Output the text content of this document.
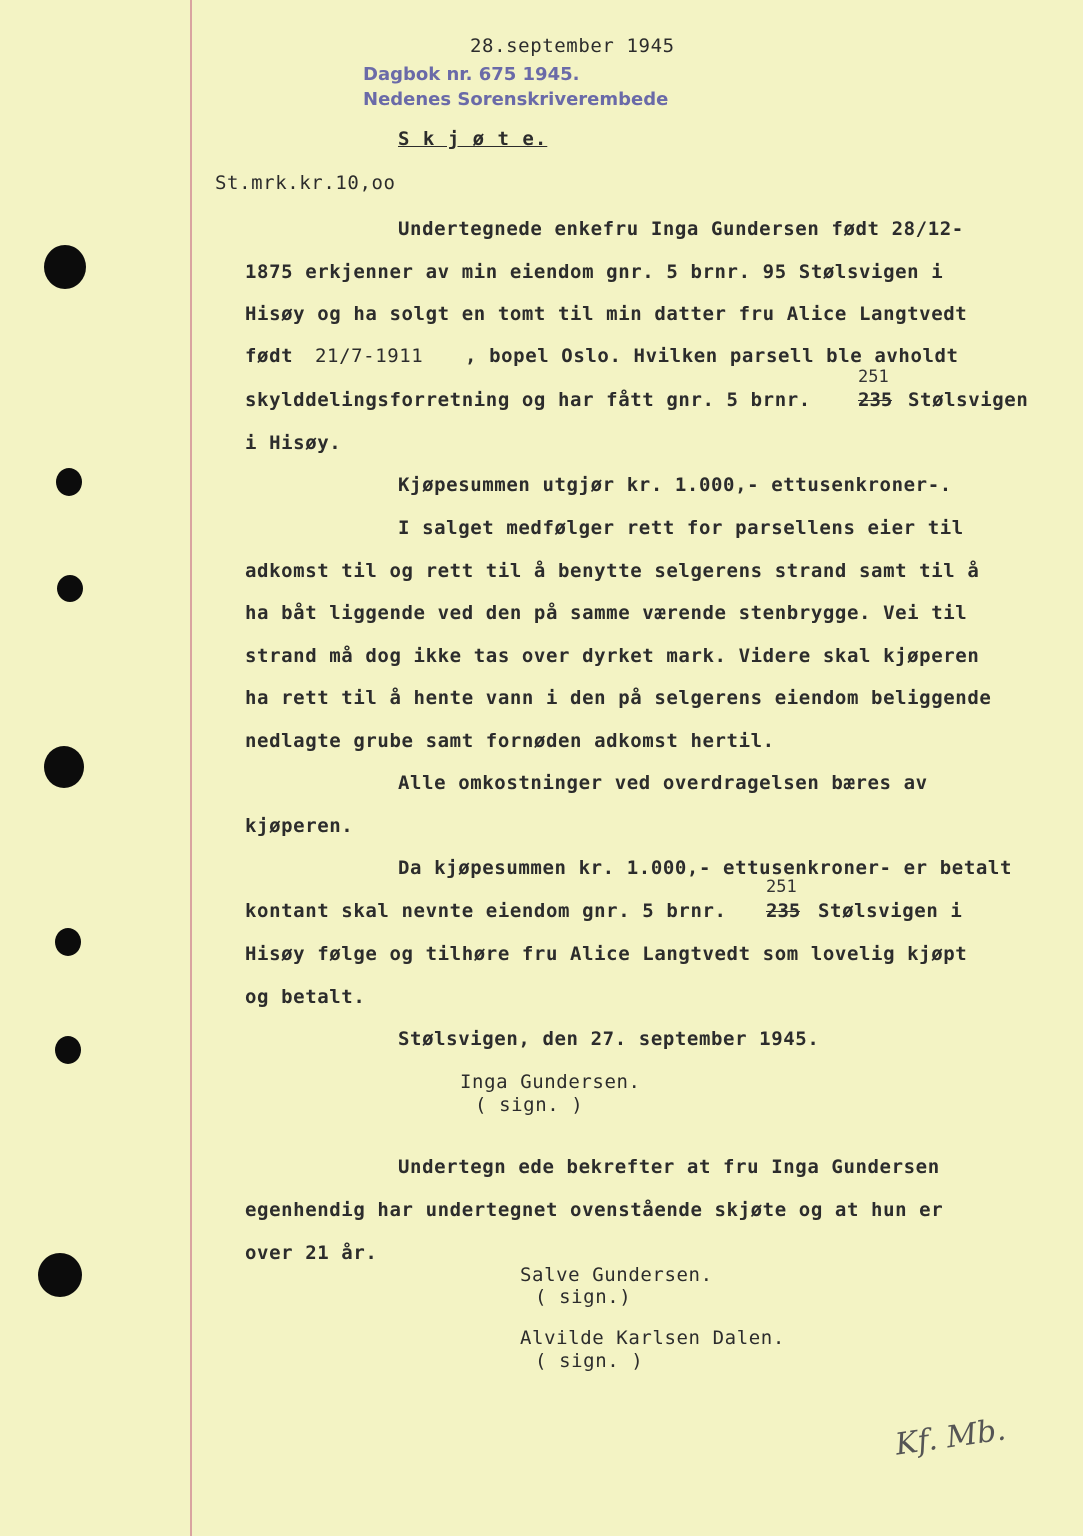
28.september 1945
Dagbok nr. 675 1945.
Nedenes Sorenskriverembede
S k j ø t e.
St.mrk.kr.10,oo
Undertegnede enkefru Inga Gundersen født 28/12-
1875 erkjenner av min eiendom gnr. 5 brnr. 95 Stølsvigen i
Hisøy og ha solgt en tomt til min datter fru Alice Langtvedt
født 21/7-1911 , bopel Oslo. Hvilken parsell ble avholdt
skylddelingsforretning og har fått gnr. 5 brnr. 235
251
Stølsvigen
i Hisøy.
Kjøpesummen utgjør kr. 1.000,- ettusenkroner-.
I salget medfølger rett for parsellens eier til
adkomst til og rett til å benytte selgerens strand samt til å
ha båt liggende ved den på samme værende stenbrygge. Vei til
strand må dog ikke tas over dyrket mark. Videre skal kjøperen
ha rett til å hente vann i den på selgerens eiendom beliggende
nedlagte grube samt fornøden adkomst hertil.
Alle omkostninger ved overdragelsen bæres av
kjøperen.
Da kjøpesummen kr. 1.000,- ettusenkroner- er betalt
kontant skal nevnte eiendom gnr. 5 brnr. 235
251
Stølsvigen i
Hisøy følge og tilhøre fru Alice Langtvedt som lovelig kjøpt
og betalt.
Stølsvigen, den 27. september 1945.
Inga Gundersen.
( sign. )
Undertegn ede bekrefter at fru Inga Gundersen
egenhendig har undertegnet ovenstående skjøte og at hun er
over 21 år.
Salve Gundersen.
( sign.)
Alvilde Karlsen Dalen.
( sign. )
Kf. Mb.
